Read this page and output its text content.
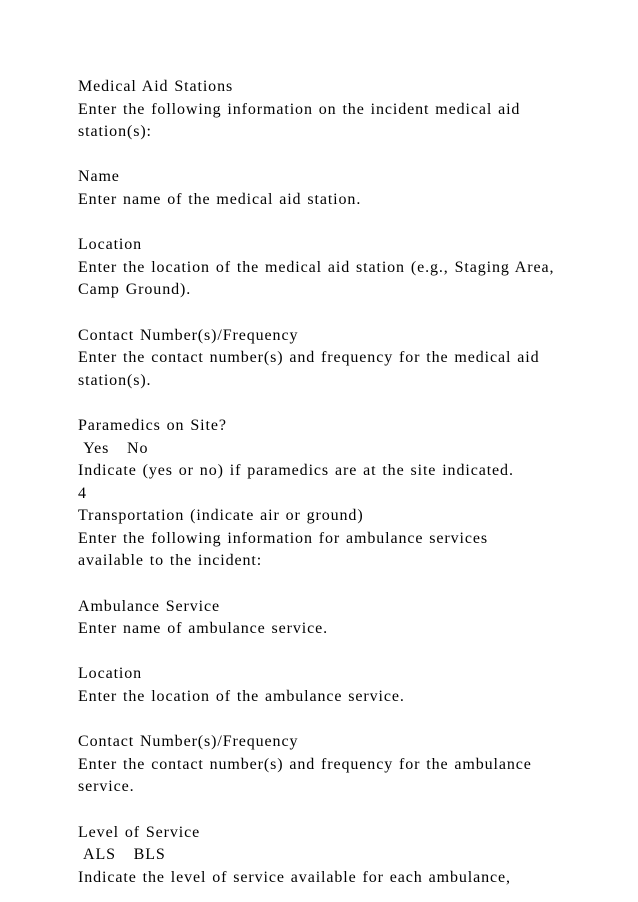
Medical Aid Stations
Enter the following information on the incident medical aid
station(s):
Name
Enter name of the medical aid station.
Location
Enter the location of the medical aid station (e.g., Staging Area,
Camp Ground).
Contact Number(s)/Frequency
Enter the contact number(s) and frequency for the medical aid
station(s).
Paramedics on Site?
Yes   No
Indicate (yes or no) if paramedics are at the site indicated.
4
Transportation (indicate air or ground)
Enter the following information for ambulance services
available to the incident:
Ambulance Service
Enter name of ambulance service.
Location
Enter the location of the ambulance service.
Contact Number(s)/Frequency
Enter the contact number(s) and frequency for the ambulance
service.
Level of Service
ALS   BLS
Indicate the level of service available for each ambulance,
